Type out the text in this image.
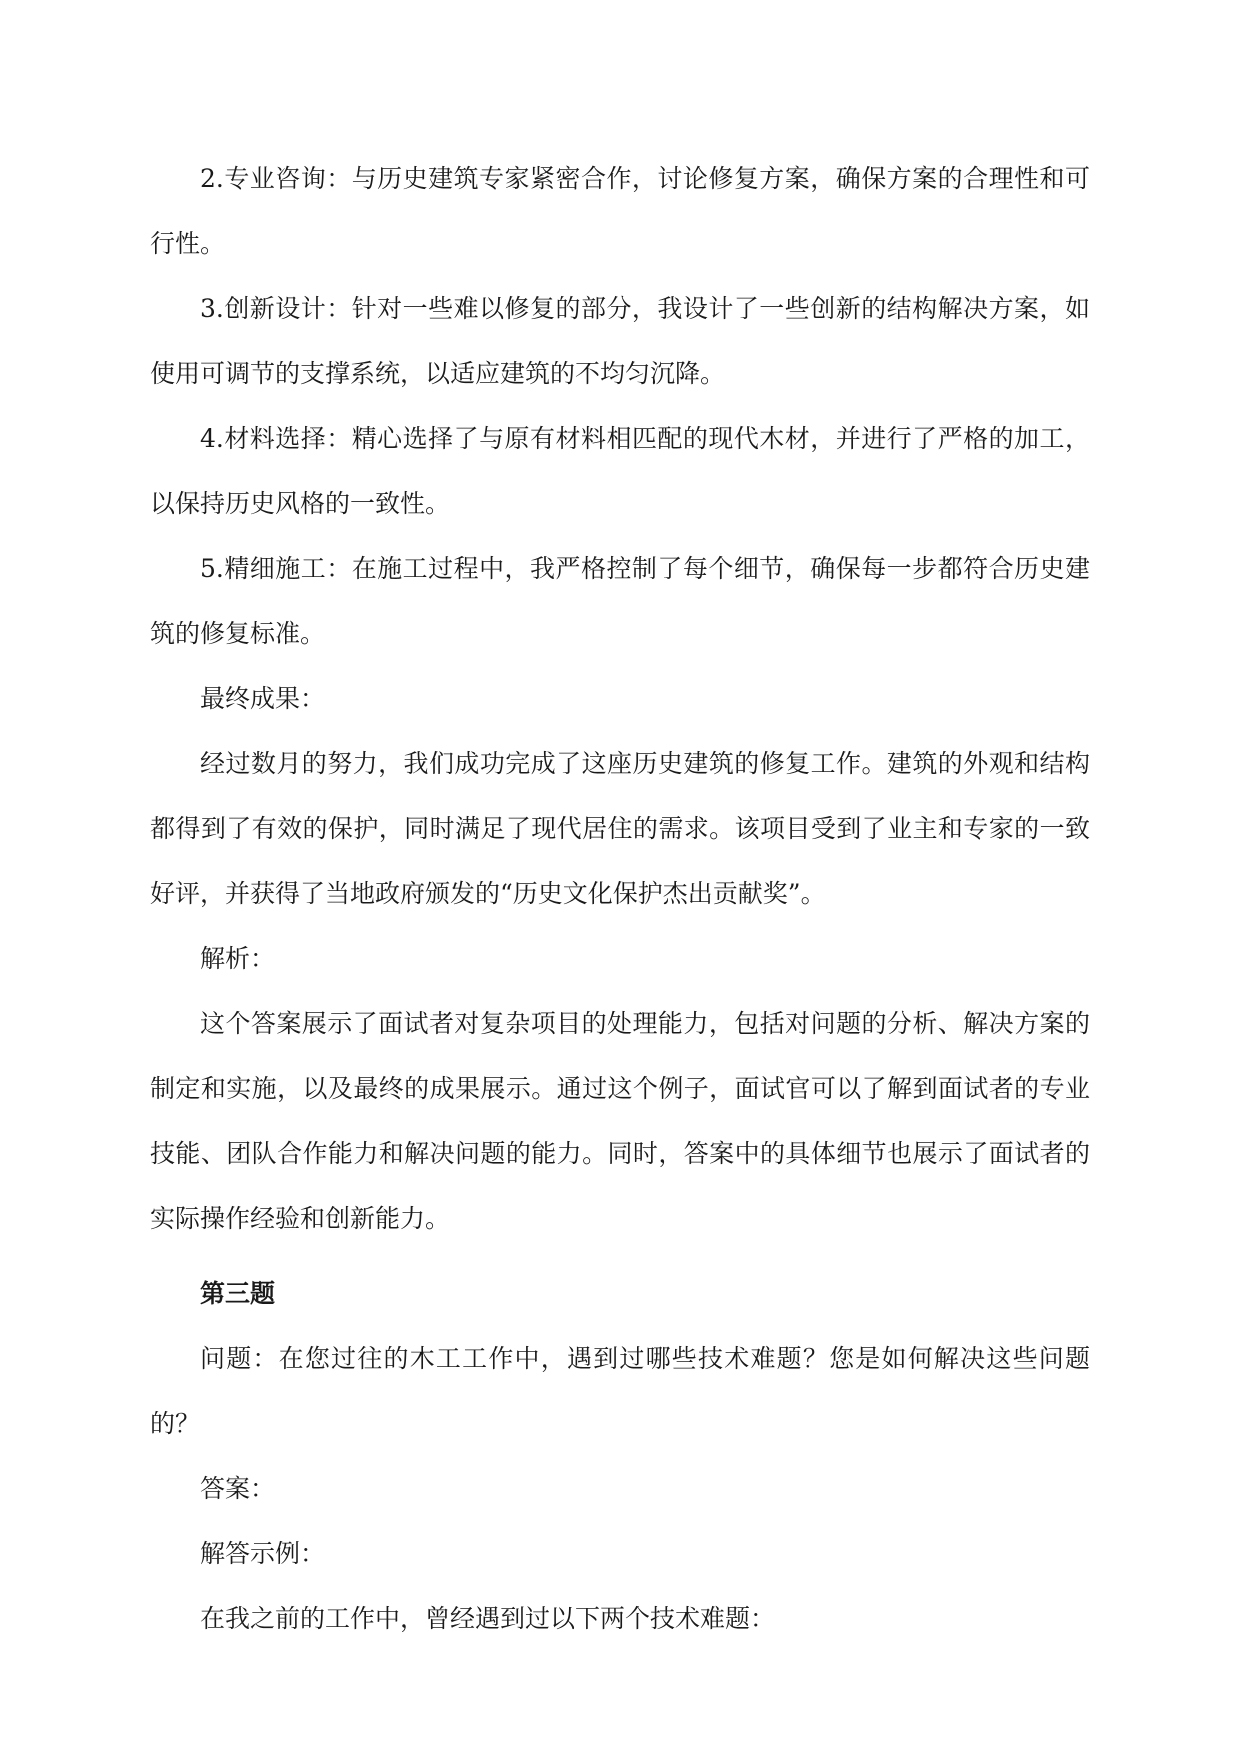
2.专业咨询：与历史建筑专家紧密合作，讨论修复方案，确保方案的合理性和可行性。

3.创新设计：针对一些难以修复的部分，我设计了一些创新的结构解决方案，如使用可调节的支撑系统，以适应建筑的不均匀沉降。

4.材料选择：精心选择了与原有材料相匹配的现代木材，并进行了严格的加工，以保持历史风格的一致性。

5.精细施工：在施工过程中，我严格控制了每个细节，确保每一步都符合历史建筑的修复标准。

最终成果：

经过数月的努力，我们成功完成了这座历史建筑的修复工作。建筑的外观和结构都得到了有效的保护，同时满足了现代居住的需求。该项目受到了业主和专家的一致好评，并获得了当地政府颁发的“历史文化保护杰出贡献奖”。

解析：

这个答案展示了面试者对复杂项目的处理能力，包括对问题的分析、解决方案的制定和实施，以及最终的成果展示。通过这个例子，面试官可以了解到面试者的专业技能、团队合作能力和解决问题的能力。同时，答案中的具体细节也展示了面试者的实际操作经验和创新能力。

第三题

问题：在您过往的木工工作中，遇到过哪些技术难题？您是如何解决这些问题的？

答案：

解答示例：

在我之前的工作中，曾经遇到过以下两个技术难题：
